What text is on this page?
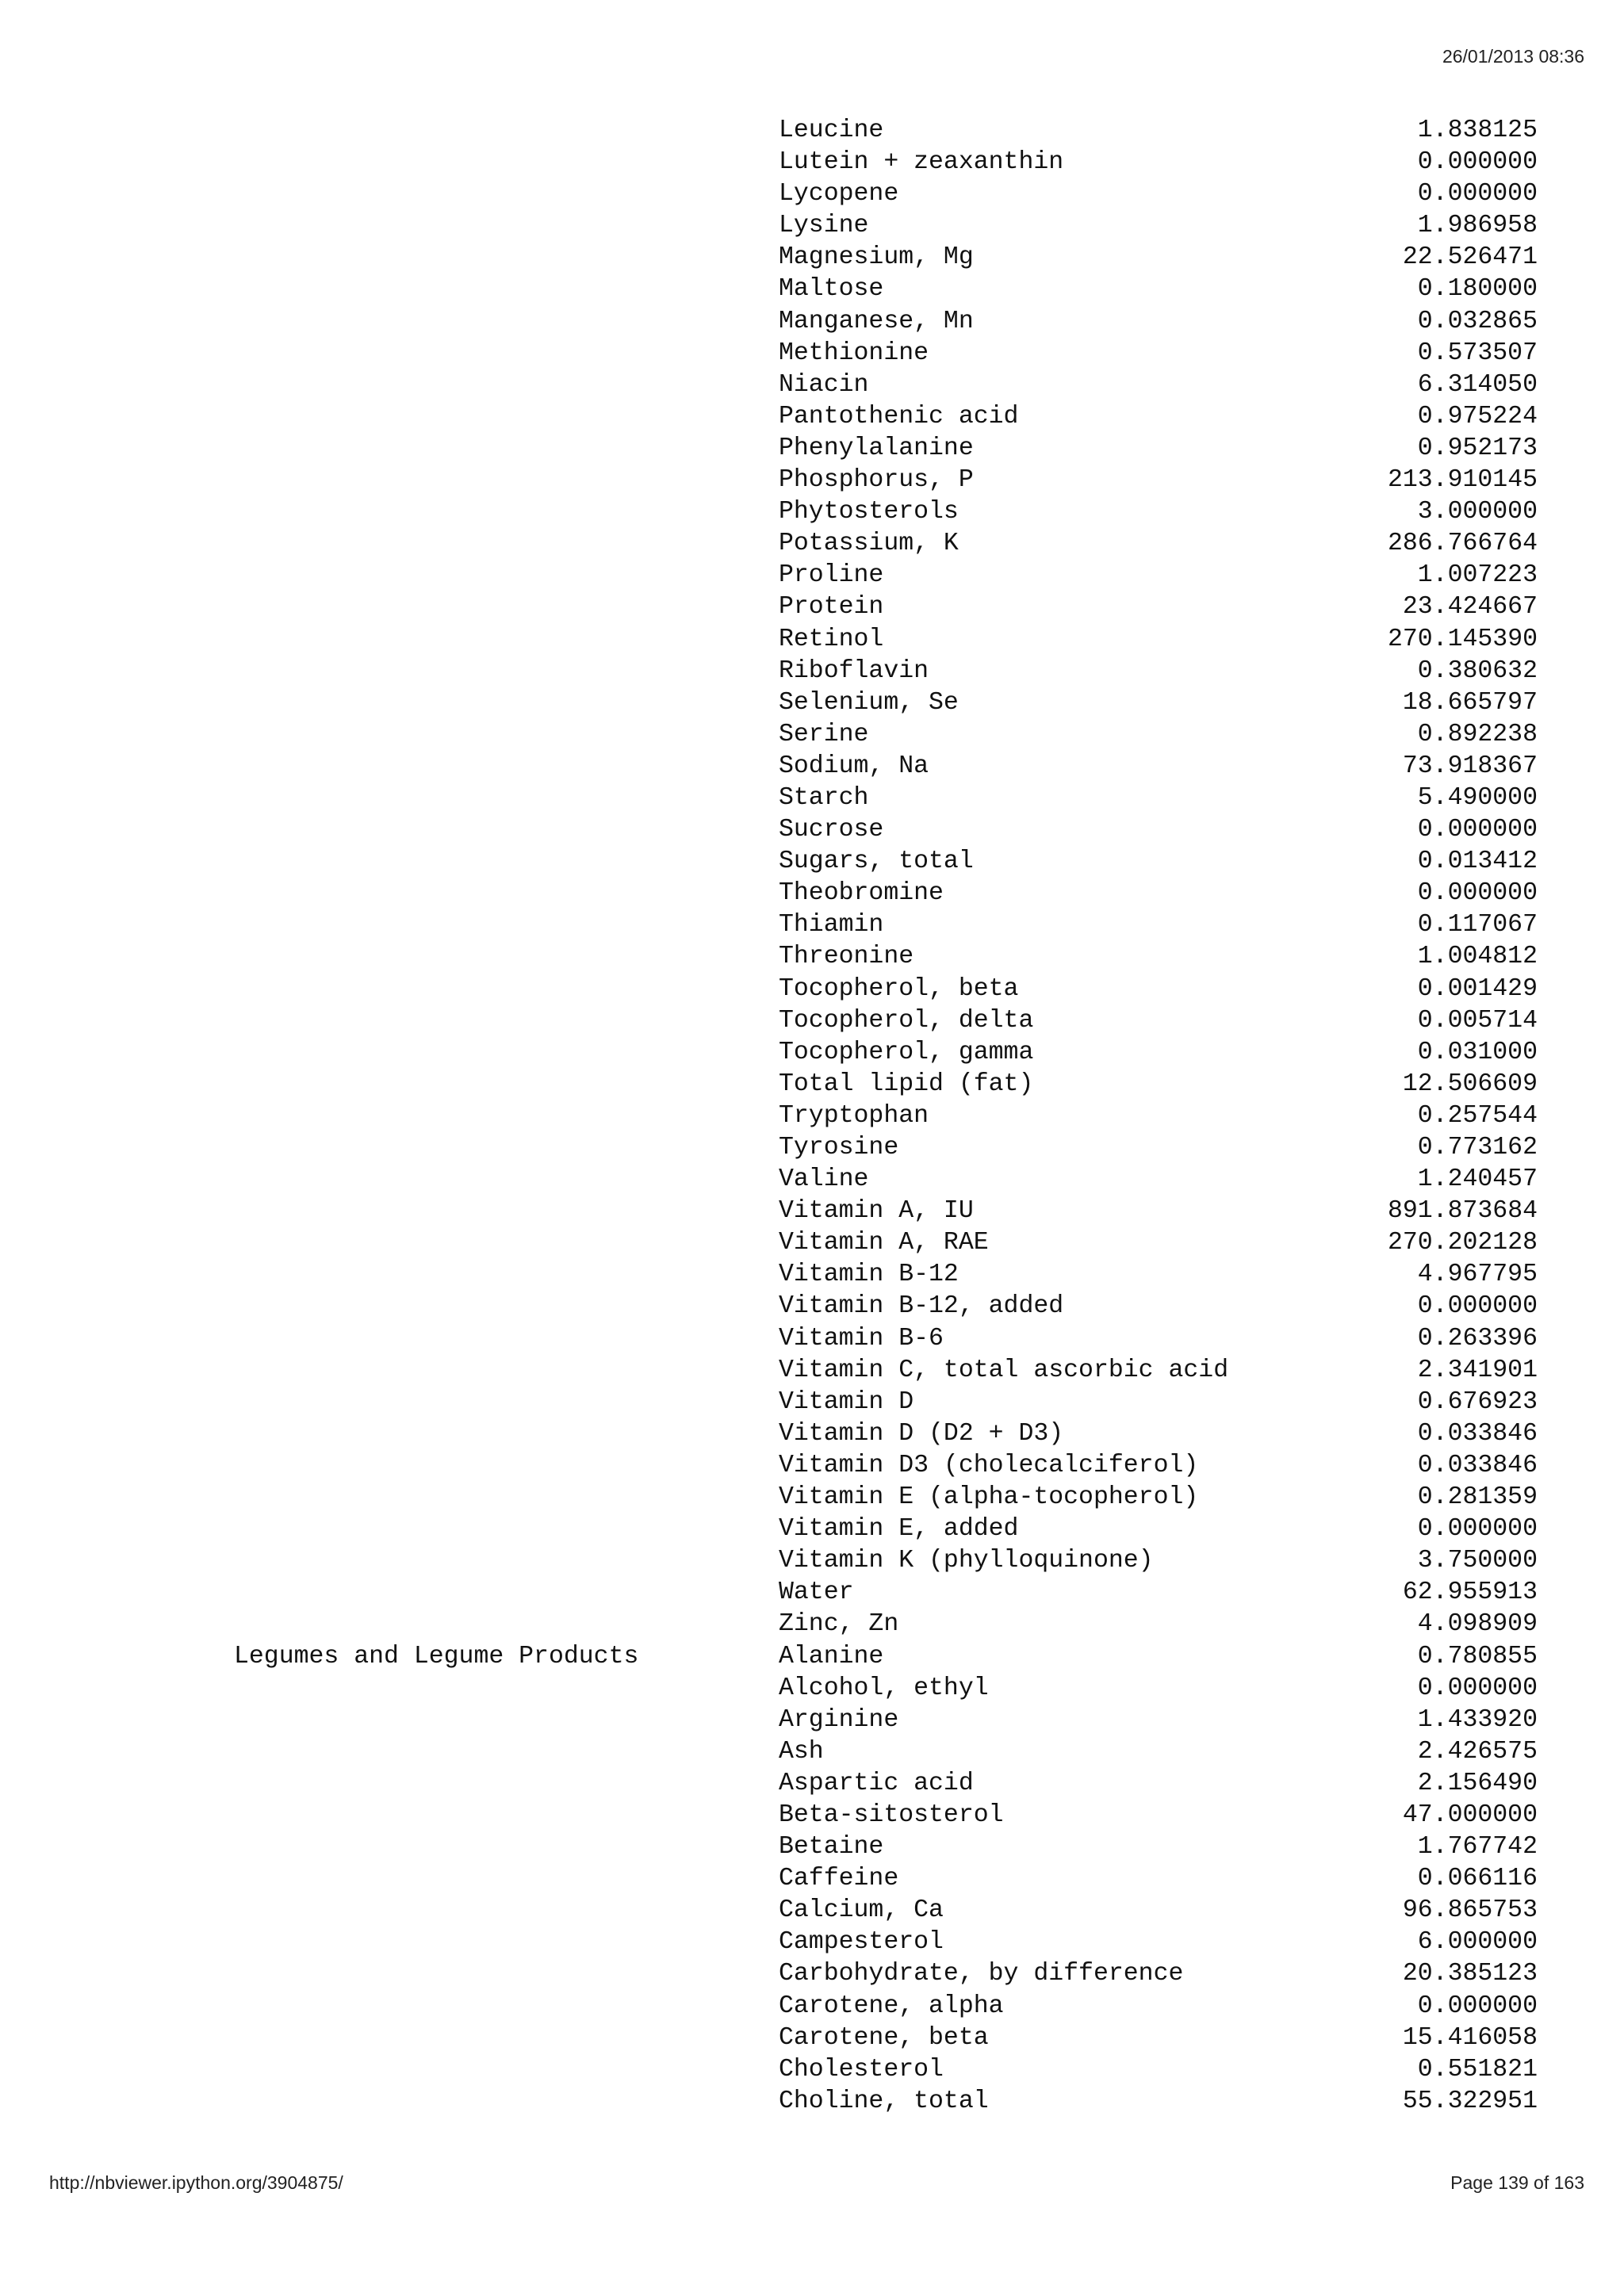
26/01/2013 08:36
Leucine	1.838125
Lutein + zeaxanthin	0.000000
Lycopene	0.000000
Lysine	1.986958
Magnesium, Mg	22.526471
Maltose	0.180000
Manganese, Mn	0.032865
Methionine	0.573507
Niacin	6.314050
Pantothenic acid	0.975224
Phenylalanine	0.952173
Phosphorus, P	213.910145
Phytosterols	3.000000
Potassium, K	286.766764
Proline	1.007223
Protein	23.424667
Retinol	270.145390
Riboflavin	0.380632
Selenium, Se	18.665797
Serine	0.892238
Sodium, Na	73.918367
Starch	5.490000
Sucrose	0.000000
Sugars, total	0.013412
Theobromine	0.000000
Thiamin	0.117067
Threonine	1.004812
Tocopherol, beta	0.001429
Tocopherol, delta	0.005714
Tocopherol, gamma	0.031000
Total lipid (fat)	12.506609
Tryptophan	0.257544
Tyrosine	0.773162
Valine	1.240457
Vitamin A, IU	891.873684
Vitamin A, RAE	270.202128
Vitamin B-12	4.967795
Vitamin B-12, added	0.000000
Vitamin B-6	0.263396
Vitamin C, total ascorbic acid	2.341901
Vitamin D	0.676923
Vitamin D (D2 + D3)	0.033846
Vitamin D3 (cholecalciferol)	0.033846
Vitamin E (alpha-tocopherol)	0.281359
Vitamin E, added	0.000000
Vitamin K (phylloquinone)	3.750000
Water	62.955913
Zinc, Zn	4.098909
Legumes and Legume Products	Alanine	0.780855
Alcohol, ethyl	0.000000
Arginine	1.433920
Ash	2.426575
Aspartic acid	2.156490
Beta-sitosterol	47.000000
Betaine	1.767742
Caffeine	0.066116
Calcium, Ca	96.865753
Campesterol	6.000000
Carbohydrate, by difference	20.385123
Carotene, alpha	0.000000
Carotene, beta	15.416058
Cholesterol	0.551821
Choline, total	55.322951
http://nbviewer.ipython.org/3904875/	Page 139 of 163
